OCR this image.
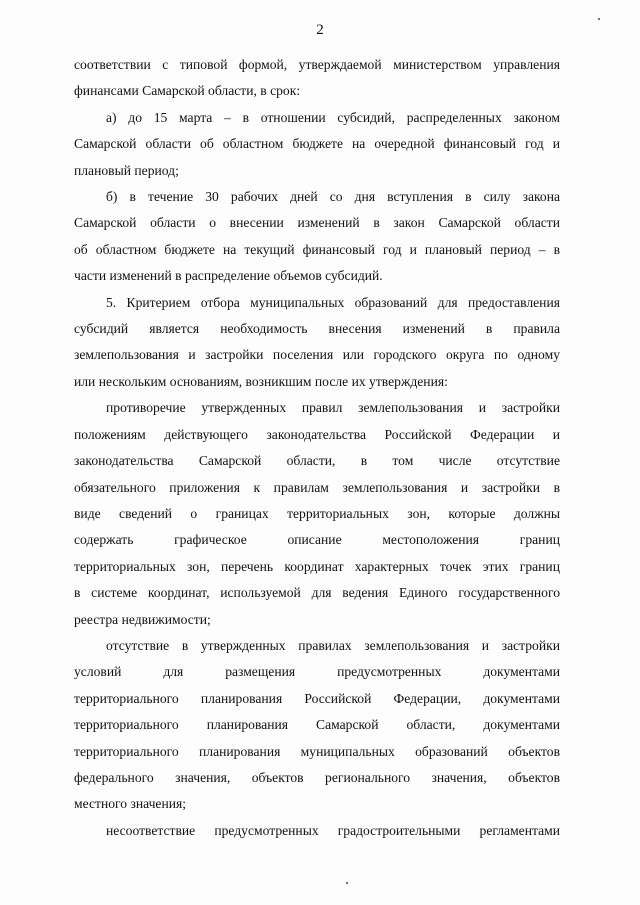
2

соответствии с типовой формой, утверждаемой министерством управления
финансами Самарской области, в срок:

а) до 15 марта – в отношении субсидий, распределенных законом
Самарской области об областном бюджете на очередной финансовый год и
плановый период;

б) в течение 30 рабочих дней со дня вступления в силу закона
Самарской области о внесении изменений в закон Самарской области
об областном бюджете на текущий финансовый год и плановый период – в
части изменений в распределение объемов субсидий.

5. Критерием отбора муниципальных образований для предоставления
субсидий является необходимость внесения изменений в правила
землепользования и застройки поселения или городского округа по одному
или нескольким основаниям, возникшим после их утверждения:

противоречие утвержденных правил землепользования и застройки
положениям действующего законодательства Российской Федерации и
законодательства Самарской области, в том числе отсутствие
обязательного приложения к правилам землепользования и застройки в
виде сведений о границах территориальных зон, которые должны
содержать графическое описание местоположения границ
территориальных зон, перечень координат характерных точек этих границ
в системе координат, используемой для ведения Единого государственного
реестра недвижимости;

отсутствие в утвержденных правилах землепользования и застройки
условий для размещения предусмотренных документами
территориального планирования Российской Федерации, документами
территориального планирования Самарской области, документами
территориального планирования муниципальных образований объектов
федерального значения, объектов регионального значения, объектов
местного значения;

несоответствие предусмотренных градостроительными регламентами
